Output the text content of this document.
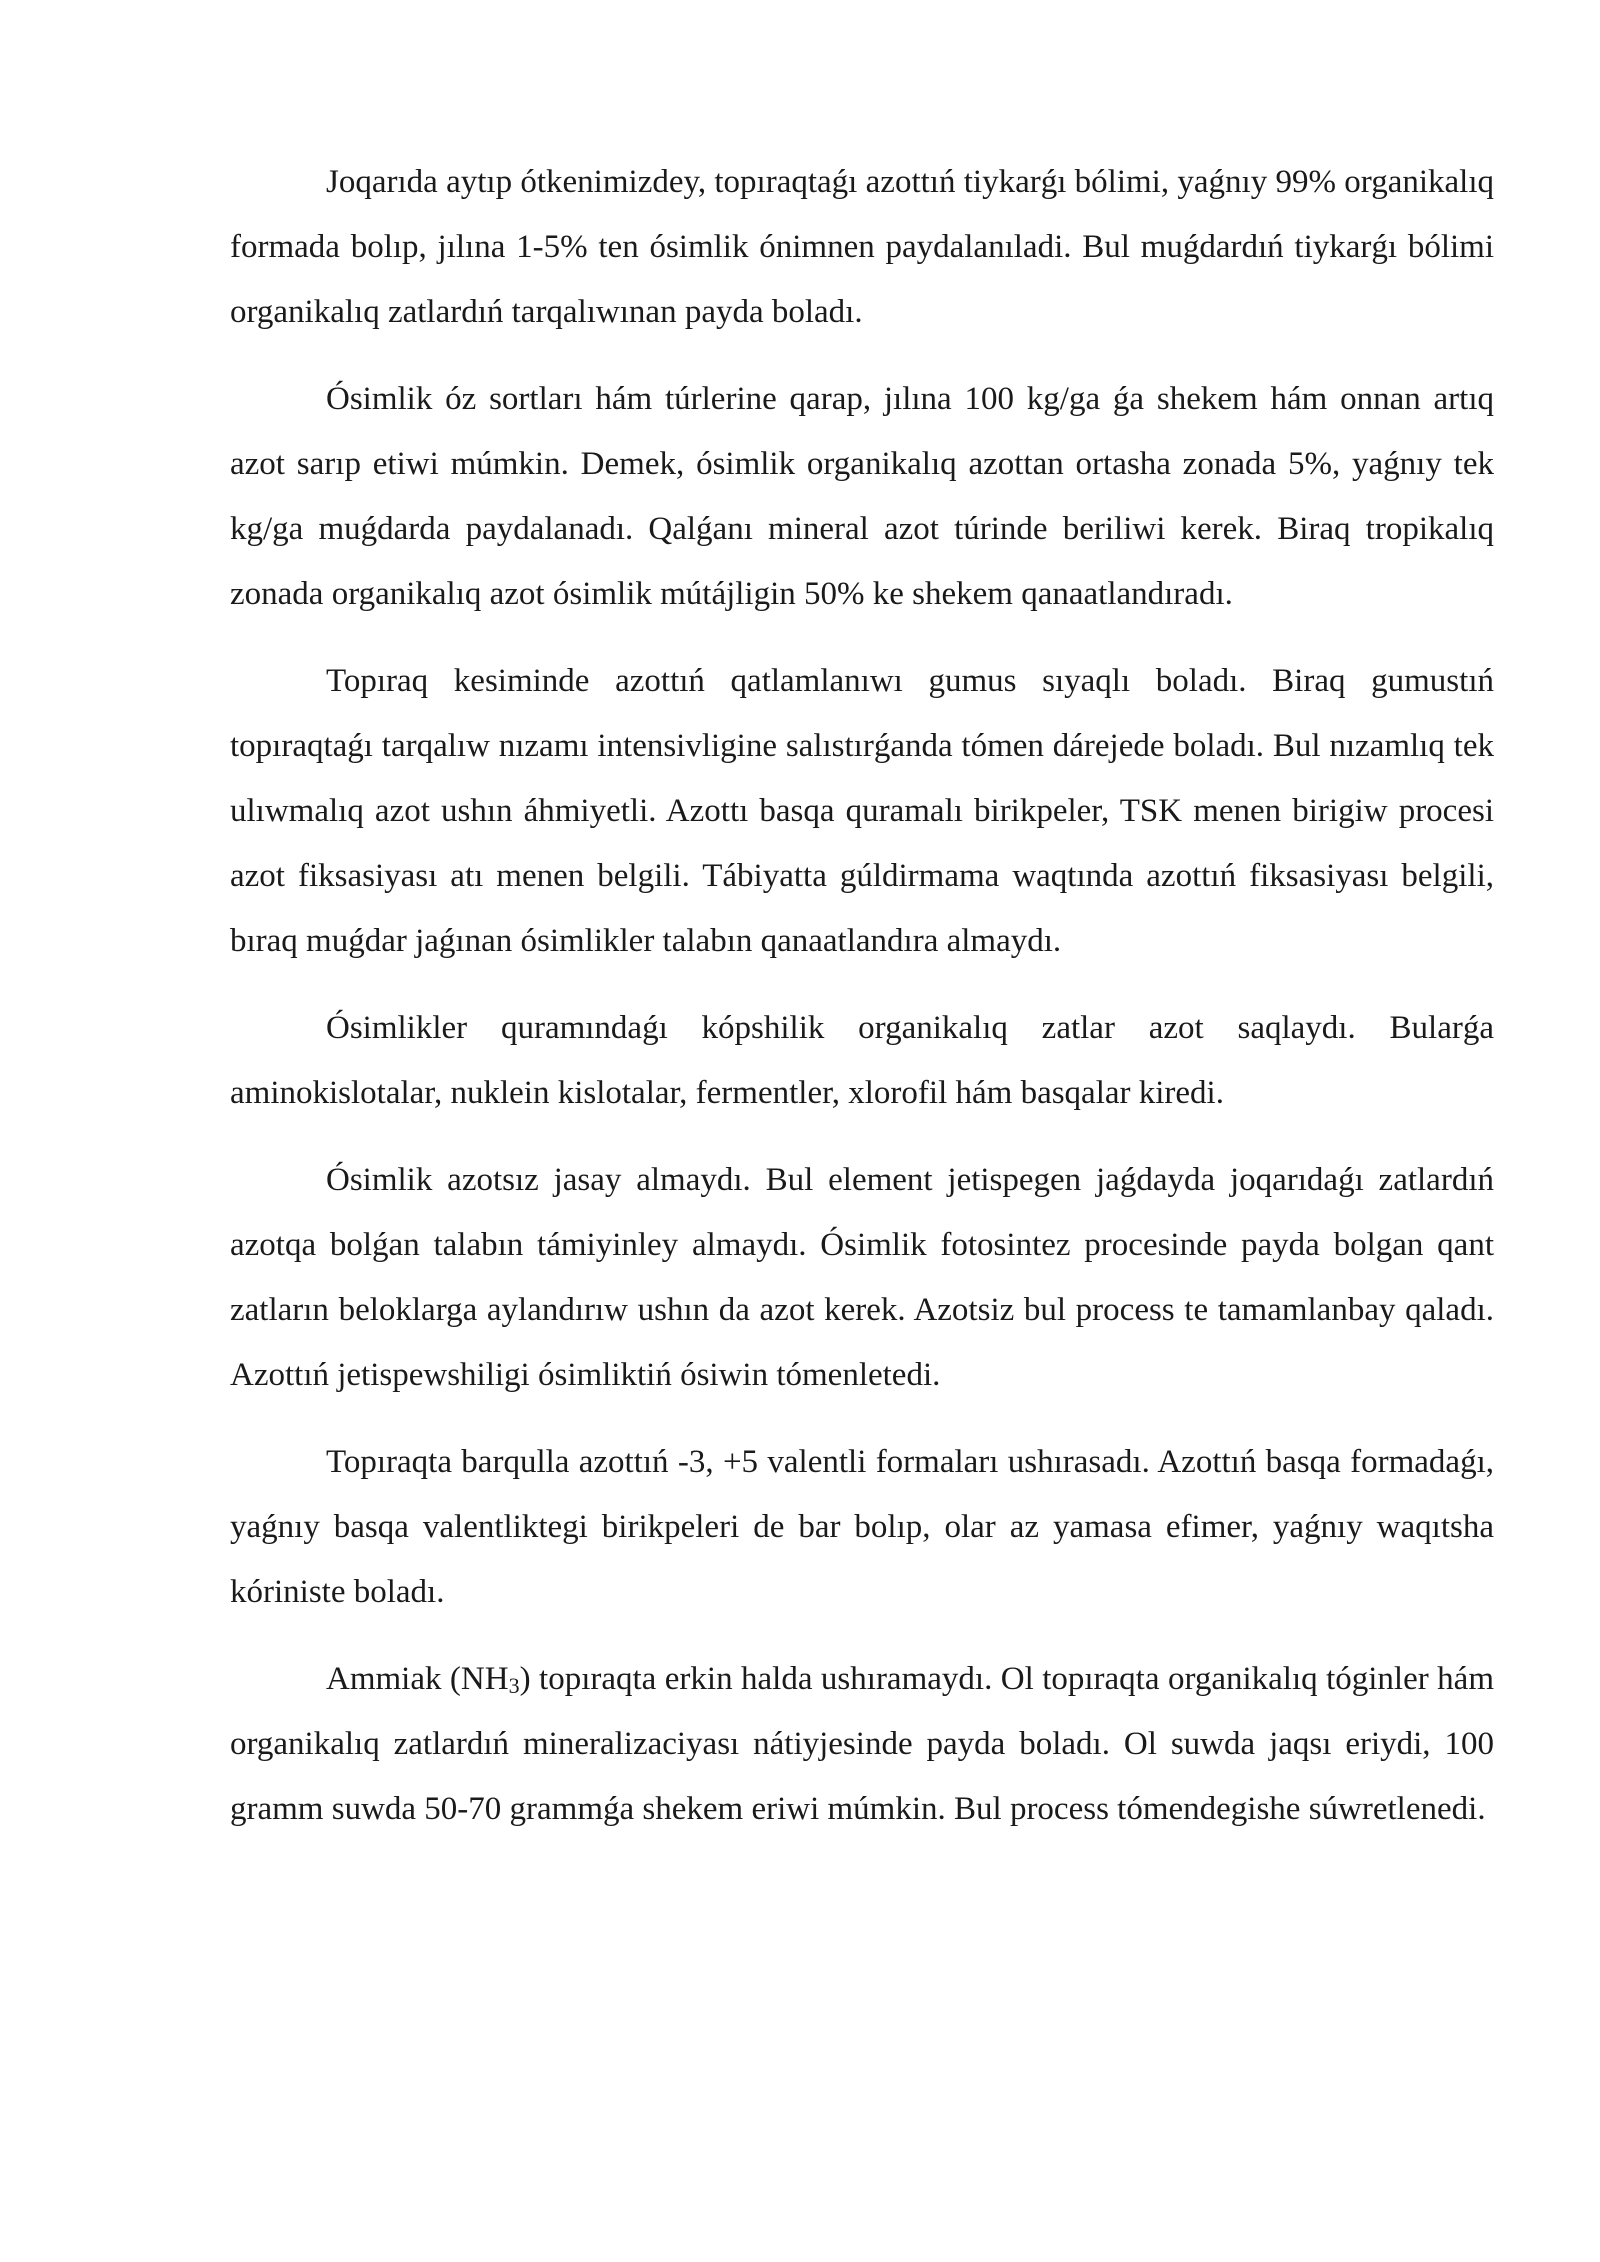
Joqarıda aytıp ótkenimizdey, topıraqtaǵı azottıń tiykarǵı bólimi, yaǵnıy 99% organikalıq formada bolıp, jılına 1-5% ten ósimlik ónimnen paydalanıladi. Bul muǵdardıń tiykarǵı bólimi organikalıq zatlardıń tarqalıwınan payda boladı.

Ósimlik óz sortları hám túrlerine qarap, jılına 100 kg/ga ǵa shekem hám onnan artıq azot sarıp etiwi múmkin. Demek, ósimlik organikalıq azottan ortasha zonada 5%, yaǵnıy tek kg/ga muǵdarda paydalanadı. Qalǵanı mineral azot túrinde beriliwi kerek. Biraq tropikalıq zonada organikalıq azot ósimlik mútájligin 50% ke shekem qanaatlandıradı.

Topıraq kesiminde azottıń qatlamlanıwı gumus sıyaqlı boladı. Biraq gumustıń topıraqtaǵı tarqalıw nızamı intensivligine salıstırǵanda tómen dárejede boladı. Bul nızamlıq tek ulıwmalıq azot ushın áhmiyetli. Azottı basqa quramalı birikpeler, TSK menen birigiw procesi azot fiksasiyası atı menen belgili. Tábiyatta gúldirmama waqtında azottıń fiksasiyası belgili, bıraq muǵdar jaǵınan ósimlikler talabın qanaatlandıra almaydı.

Ósimlikler quramındaǵı kópshilik organikalıq zatlar azot saqlaydı. Bularǵa aminokislotalar, nuklein kislotalar, fermentler, xlorofil hám basqalar kiredi.

Ósimlik azotsız jasay almaydı. Bul element jetispegen jaǵdayda joqarıdaǵı zatlardıń azotqa bolǵan talabın támiyinley almaydı. Ósimlik fotosintez procesinde payda bolgan qant zatların beloklarga aylandırıw ushın da azot kerek. Azotsiz bul process te tamamlanbay qaladı. Azottıń jetispewshiligi ósimliktiń ósiwin tómenletedi.

Topıraqta barqulla azottıń -3, +5 valentli formaları ushırasadı. Azottıń basqa formadaǵı, yaǵnıy basqa valentliktegi birikpeleri de bar bolıp, olar az yamasa efimer, yaǵnıy waqıtsha kóriniste boladı.

Ammiak (NH3) topıraqta erkin halda ushıramaydı. Ol topıraqta organikalıq tóginler hám organikalıq zatlardıń mineralizaciyası nátiyjesinde payda boladı. Ol suwda jaqsı eriydi, 100 gramm suwda 50-70 grammǵa shekem eriwi múmkin. Bul process tómendegishe súwretlenedi.
